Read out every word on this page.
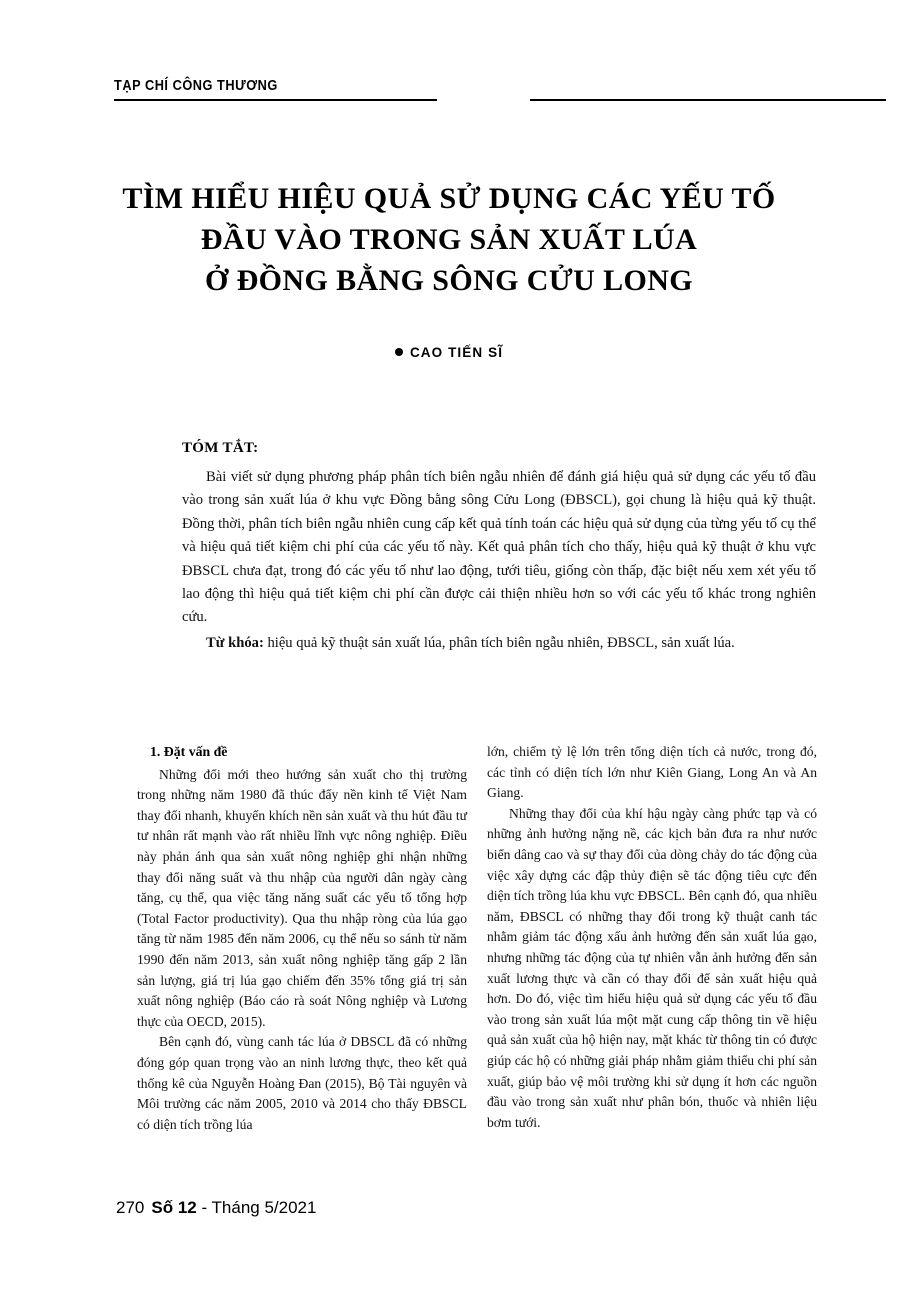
TẠP CHÍ CÔNG THƯƠNG
TÌM HIỂU HIỆU QUẢ SỬ DỤNG CÁC YẾU TỐ
ĐẦU VÀO TRONG SẢN XUẤT LÚA
Ở ĐỒNG BẰNG SÔNG CỬU LONG
CAO TIẾN SĨ
TÓM TẮT:
Bài viết sử dụng phương pháp phân tích biên ngẫu nhiên để đánh giá hiệu quả sử dụng các yếu tố đầu vào trong sản xuất lúa ở khu vực Đồng bằng sông Cửu Long (ĐBSCL), gọi chung là hiệu quả kỹ thuật. Đồng thời, phân tích biên ngẫu nhiên cung cấp kết quả tính toán các hiệu quả sử dụng của từng yếu tố cụ thể và hiệu quả tiết kiệm chi phí của các yếu tố này. Kết quả phân tích cho thấy, hiệu quả kỹ thuật ở khu vực ĐBSCL chưa đạt, trong đó các yếu tố như lao động, tưới tiêu, giống còn thấp, đặc biệt nếu xem xét yếu tố lao động thì hiệu quả tiết kiệm chi phí cần được cải thiện nhiều hơn so với các yếu tố khác trong nghiên cứu.
Từ khóa: hiệu quả kỹ thuật sản xuất lúa, phân tích biên ngẫu nhiên, ĐBSCL, sản xuất lúa.
1. Đặt vấn đề

Những đổi mới theo hướng sản xuất cho thị trường trong những năm 1980 đã thúc đẩy nền kinh tế Việt Nam thay đổi nhanh, khuyến khích nền sản xuất và thu hút đầu tư tư nhân rất mạnh vào rất nhiều lĩnh vực nông nghiệp. Điều này phản ánh qua sản xuất nông nghiệp ghi nhận những thay đổi năng suất và thu nhập của người dân ngày càng tăng, cụ thể, qua việc tăng năng suất các yếu tố tổng hợp (Total Factor productivity). Qua thu nhập ròng của lúa gạo tăng từ năm 1985 đến năm 2006, cụ thể nếu so sánh từ năm 1990 đến năm 2013, sản xuất nông nghiệp tăng gấp 2 lần sản lượng, giá trị lúa gạo chiếm đến 35% tổng giá trị sản xuất nông nghiệp (Báo cáo rà soát Nông nghiệp và Lương thực của OECD, 2015).

Bên cạnh đó, vùng canh tác lúa ở DBSCL đã có những đóng góp quan trọng vào an ninh lương thực, theo kết quả thống kê của Nguyễn Hoàng Đan (2015), Bộ Tài nguyên và Môi trường các năm 2005, 2010 và 2014 cho thấy ĐBSCL có diện tích trồng lúa

lớn, chiếm tỷ lệ lớn trên tổng diện tích cả nước, trong đó, các tỉnh có diện tích lớn như Kiên Giang, Long An và An Giang.

Những thay đổi của khí hậu ngày càng phức tạp và có những ảnh hưởng nặng nề, các kịch bản đưa ra như nước biển dâng cao và sự thay đổi của dòng chảy do tác động của việc xây dựng các đập thủy điện sẽ tác động tiêu cực đến diện tích trồng lúa khu vực ĐBSCL. Bên cạnh đó, qua nhiều năm, ĐBSCL có những thay đổi trong kỹ thuật canh tác nhằm giảm tác động xấu ảnh hưởng đến sản xuất lúa gạo, nhưng những tác động của tự nhiên vẫn ảnh hưởng đến sản xuất lương thực và cần có thay đổi để sản xuất hiệu quả hơn. Do đó, việc tìm hiểu hiệu quả sử dụng các yếu tố đầu vào trong sản xuất lúa một mặt cung cấp thông tin về hiệu quả sản xuất của hộ hiện nay, mặt khác từ thông tin có được giúp các hộ có những giải pháp nhằm giảm thiểu chi phí sản xuất, giúp bảo vệ môi trường khi sử dụng ít hơn các nguồn đầu vào trong sản xuất như phân bón, thuốc và nhiên liệu bơm tưới.

270 Số 12 - Tháng 5/2021
